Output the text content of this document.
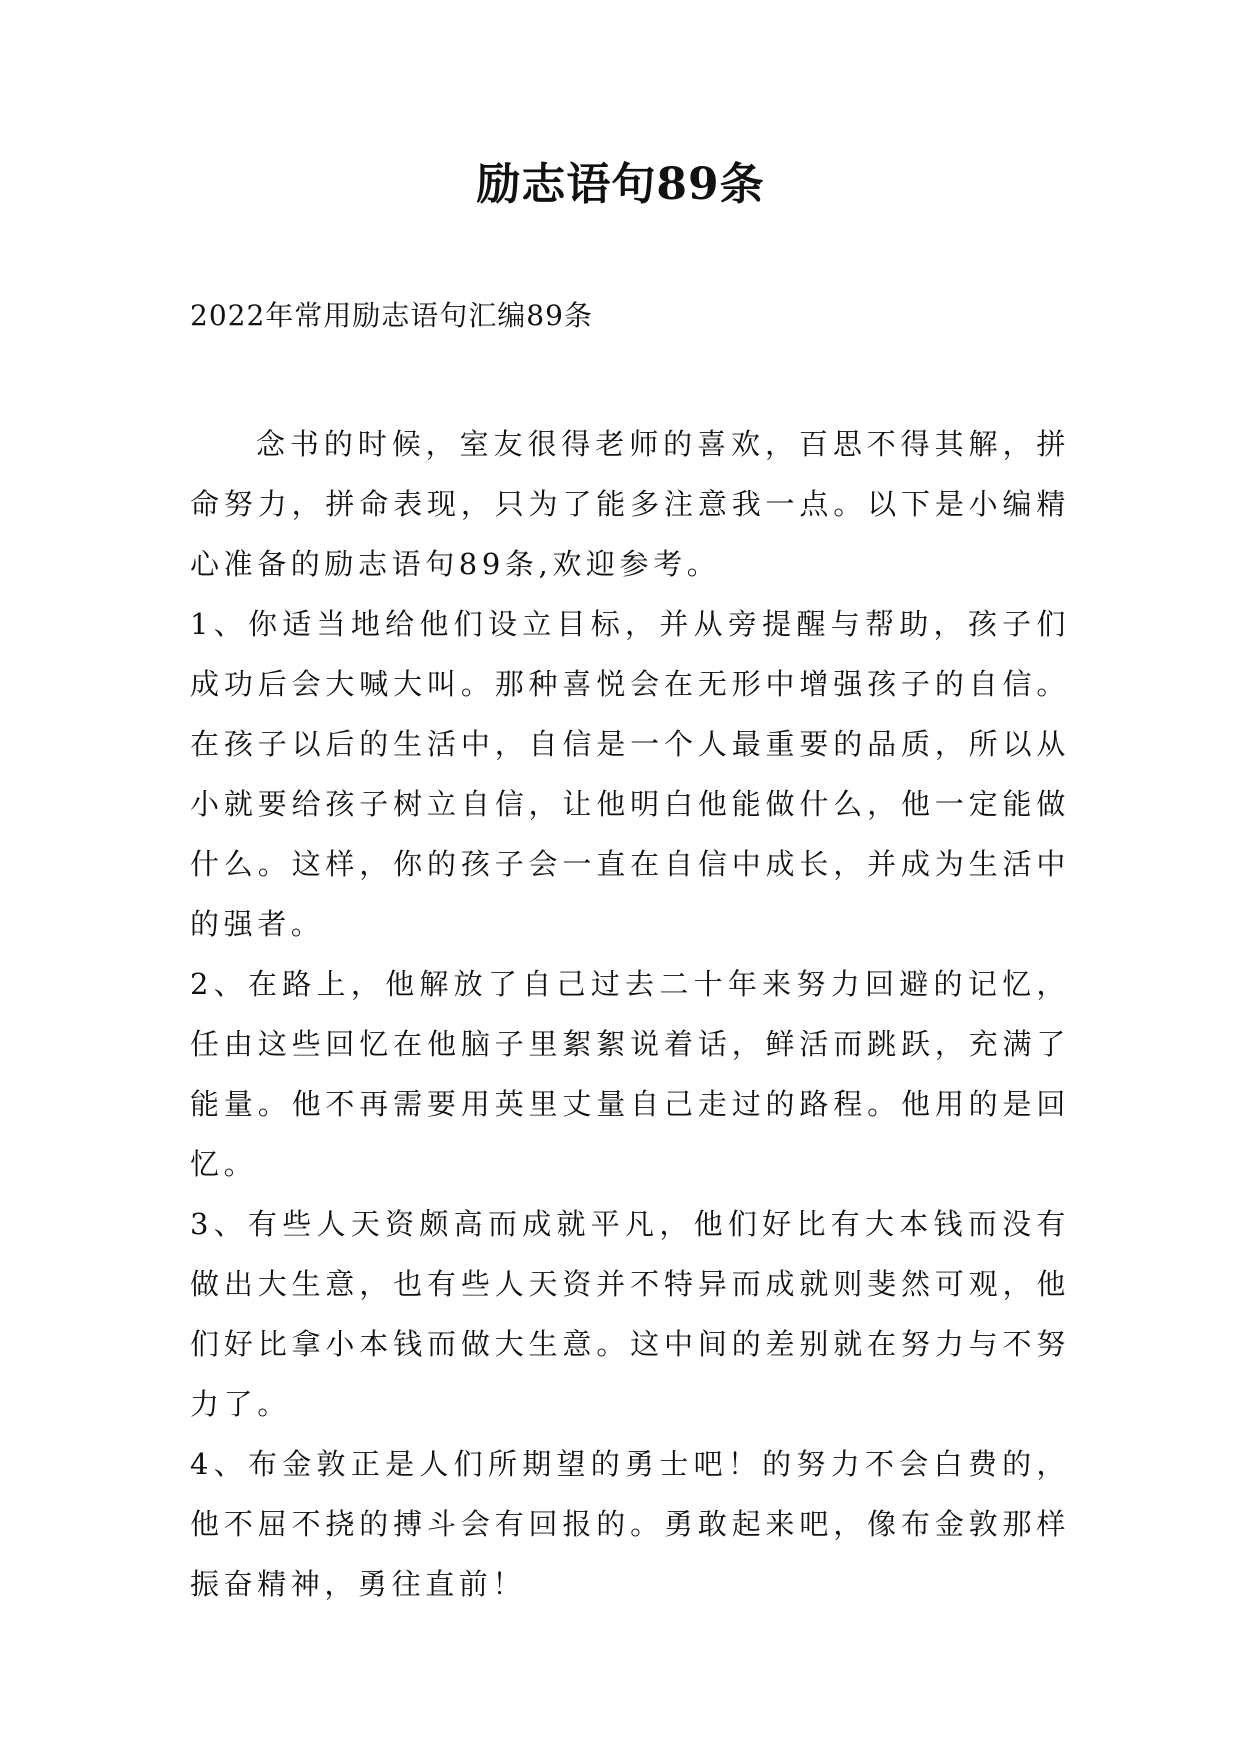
励志语句89条
2022年常用励志语句汇编89条

念书的时候，室友很得老师的喜欢，百思不得其解，拼命努力，拼命表现，只为了能多注意我一点。以下是小编精心准备的励志语句89条,欢迎参考。

1、你适当地给他们设立目标，并从旁提醒与帮助，孩子们成功后会大喊大叫。那种喜悦会在无形中增强孩子的自信。在孩子以后的生活中，自信是一个人最重要的品质，所以从小就要给孩子树立自信，让他明白他能做什么，他一定能做什么。这样，你的孩子会一直在自信中成长，并成为生活中的强者。

2、在路上，他解放了自己过去二十年来努力回避的记忆，任由这些回忆在他脑子里絮絮说着话，鲜活而跳跃，充满了能量。他不再需要用英里丈量自己走过的路程。他用的是回忆。

3、有些人天资颇高而成就平凡，他们好比有大本钱而没有做出大生意，也有些人天资并不特异而成就则斐然可观，他们好比拿小本钱而做大生意。这中间的差别就在努力与不努力了。

4、布金敦正是人们所期望的勇士吧！的努力不会白费的，他不屈不挠的搏斗会有回报的。勇敢起来吧，像布金敦那样振奋精神，勇往直前！
